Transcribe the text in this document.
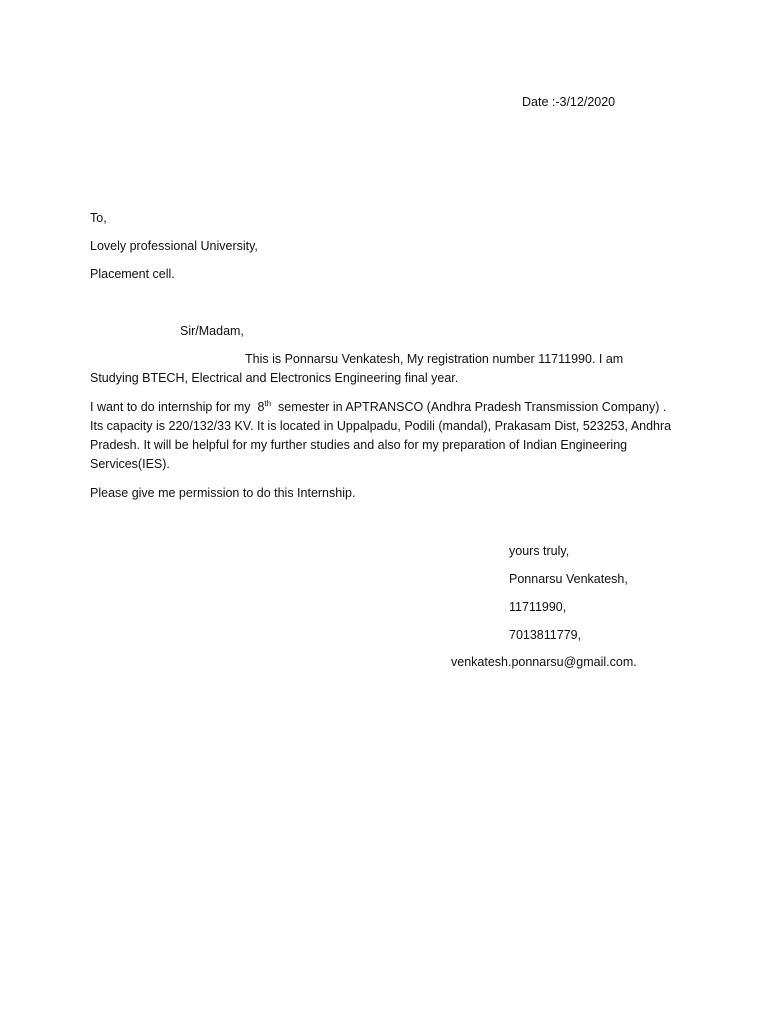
Date :-3/12/2020
To,
Lovely professional University,
Placement cell.
Sir/Madam,
This is Ponnarsu Venkatesh, My registration number 11711990. I am
Studying BTECH, Electrical and Electronics Engineering final year.
I want to do internship for my 8th semester in APTRANSCO (Andhra Pradesh Transmission Company) .
Its capacity is 220/132/33 KV. It is located in Uppalpadu, Podili (mandal), Prakasam Dist, 523253, Andhra
Pradesh. It will be helpful for my further studies and also for my preparation of Indian Engineering
Services(IES).
Please give me permission to do this Internship.
yours truly,
Ponnarsu Venkatesh,
11711990,
7013811779,
venkatesh.ponnarsu@gmail.com.
